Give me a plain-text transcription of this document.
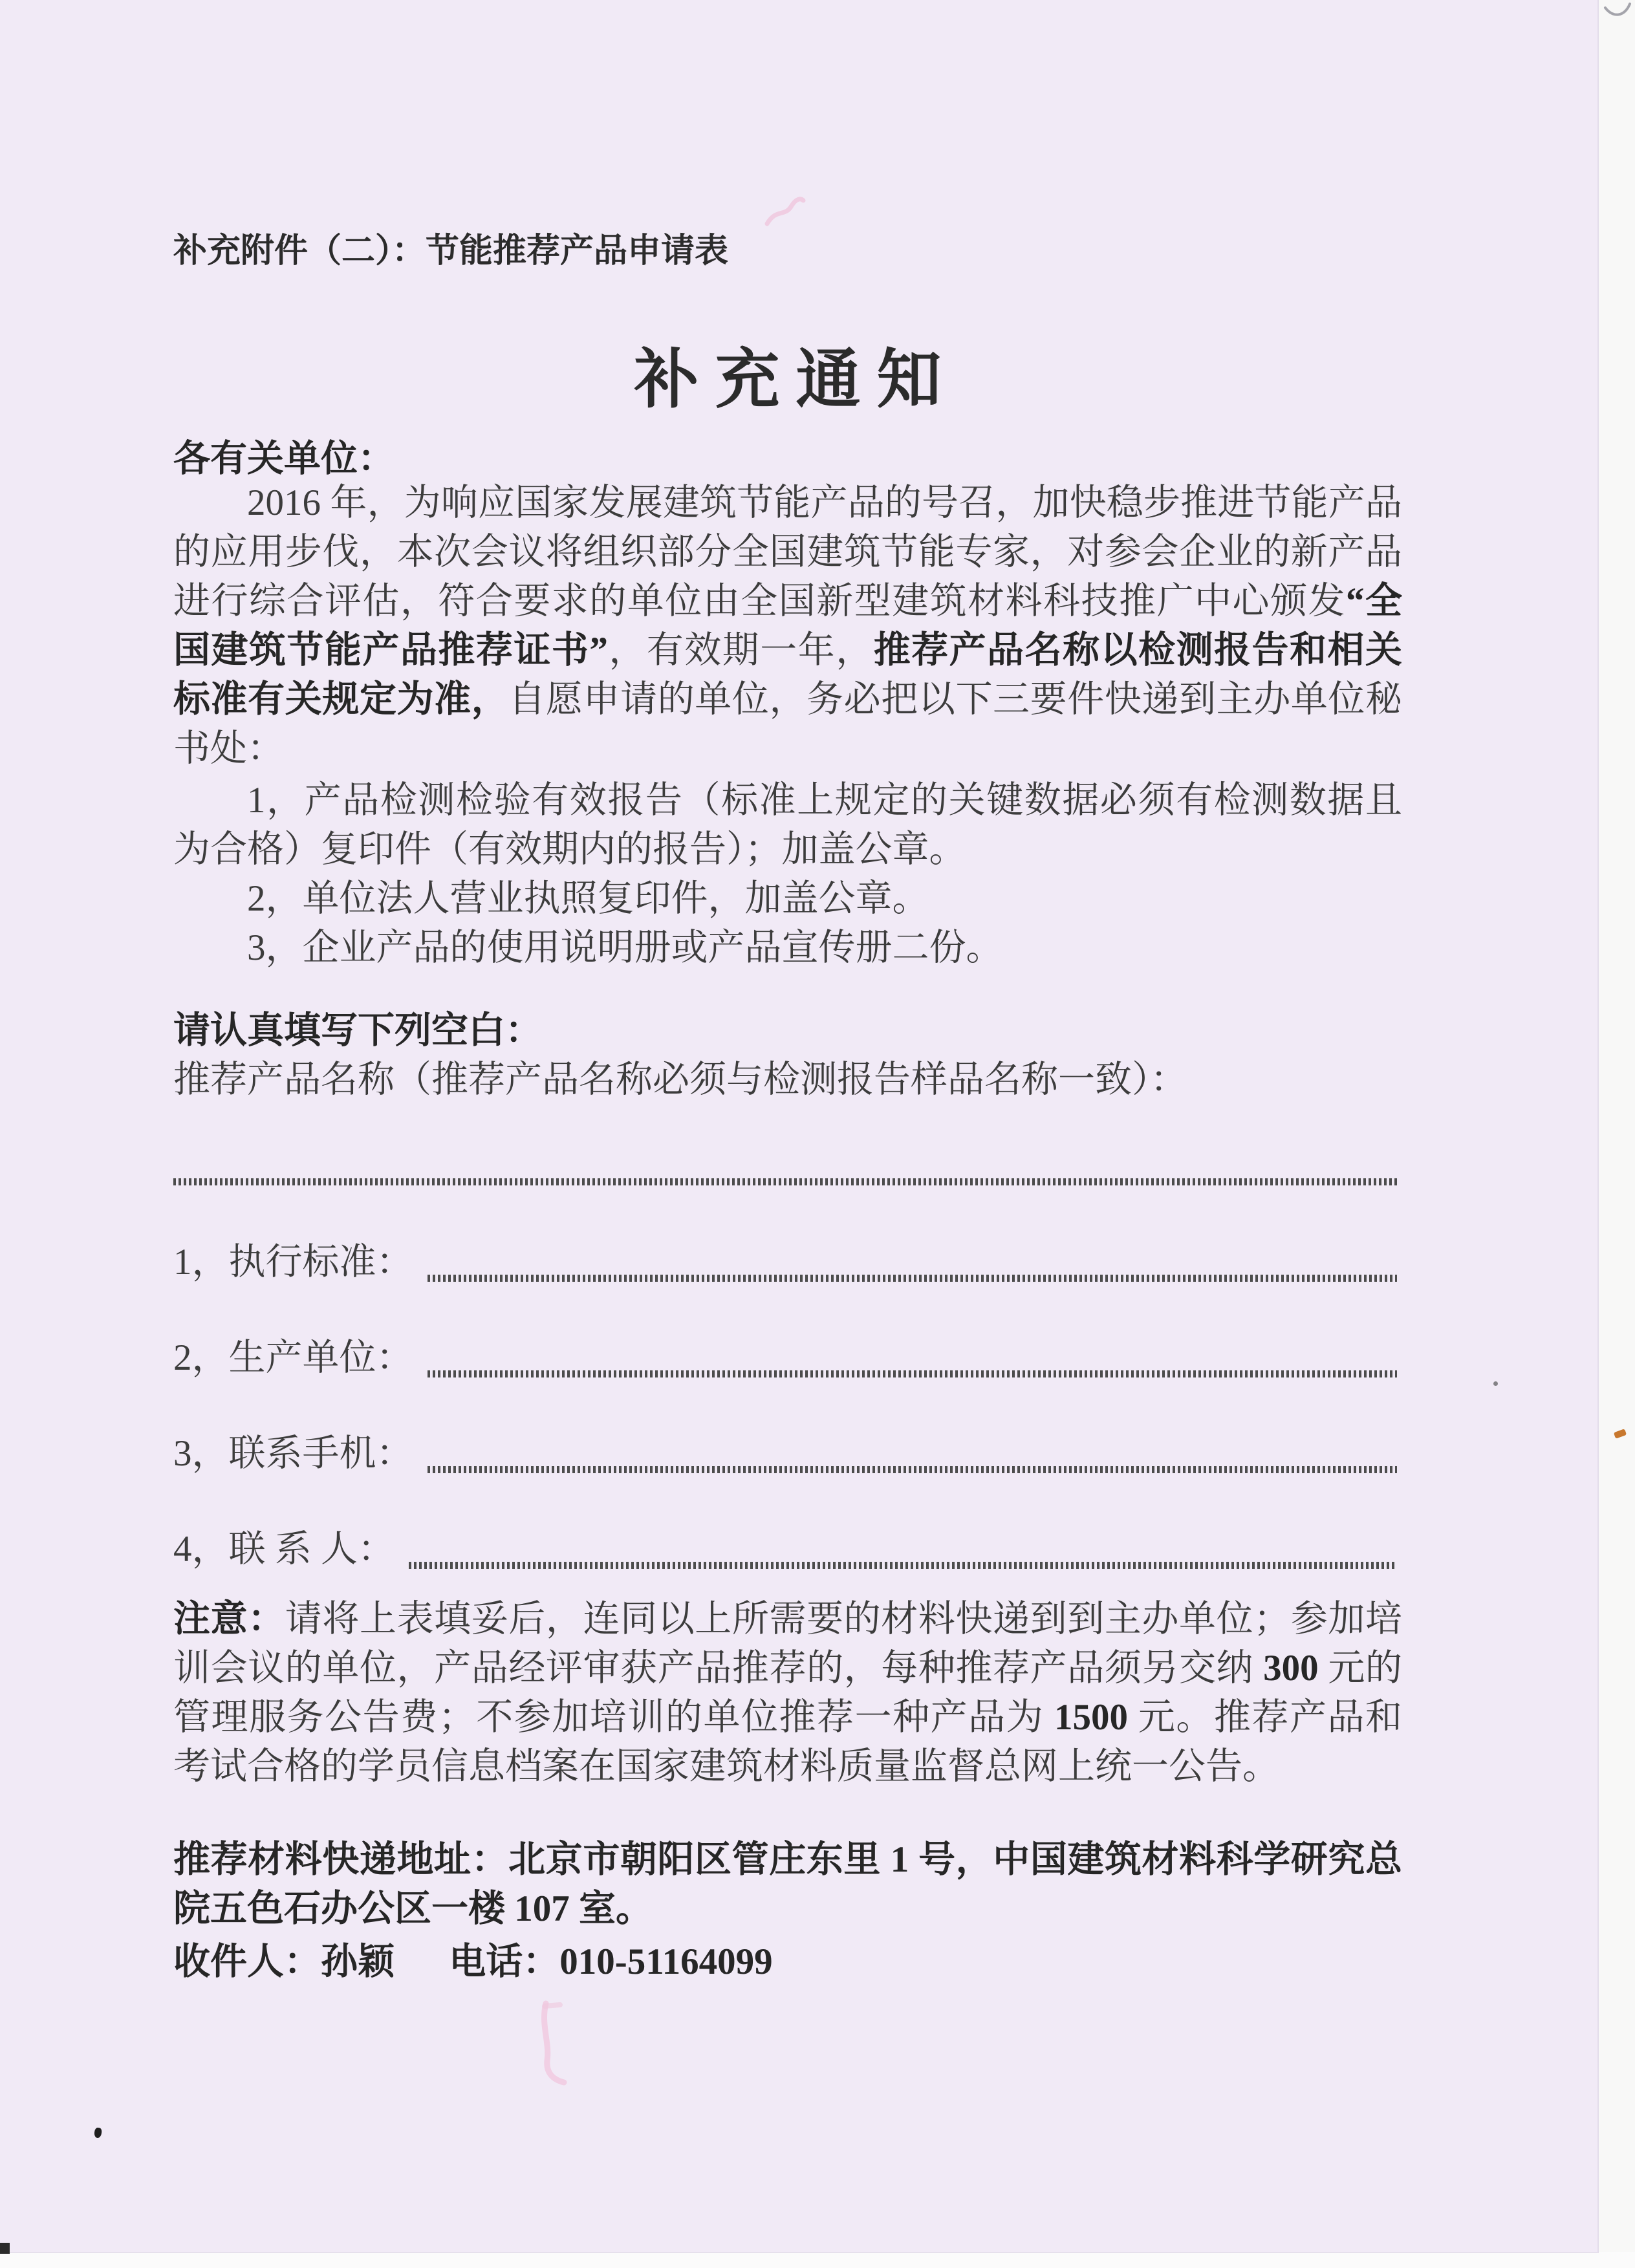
补充附件（二）：节能推荐产品申请表
补 充 通 知
各有关单位：

2016 年，为响应国家发展建筑节能产品的号召，加快稳步推进节能产品的应用步伐，本次会议将组织部分全国建筑节能专家，对参会企业的新产品进行综合评估，符合要求的单位由全国新型建筑材料科技推广中心颁发“全国建筑节能产品推荐证书”，有效期一年，推荐产品名称以检测报告和相关标准有关规定为准，自愿申请的单位，务必把以下三要件快递到主办单位秘书处：

1，产品检测检验有效报告（标准上规定的关键数据必须有检测数据且为合格）复印件（有效期内的报告）；加盖公章。

2，单位法人营业执照复印件，加盖公章。

3，企业产品的使用说明册或产品宣传册二份。

请认真填写下列空白：
推荐产品名称（推荐产品名称必须与检测报告样品名称一致）：
1，执行标准：
2，生产单位：
3，联系手机：
4，联 系 人：

注意：请将上表填妥后，连同以上所需要的材料快递到到主办单位；参加培训会议的单位，产品经评审获产品推荐的，每种推荐产品须另交纳 300 元的管理服务公告费；不参加培训的单位推荐一种产品为 1500 元。推荐产品和考试合格的学员信息档案在国家建筑材料质量监督总网上统一公告。

推荐材料快递地址：北京市朝阳区管庄东里 1 号，中国建筑材料科学研究总院五色石办公区一楼 107 室。

收件人：孙颖 电话：010-51164099
